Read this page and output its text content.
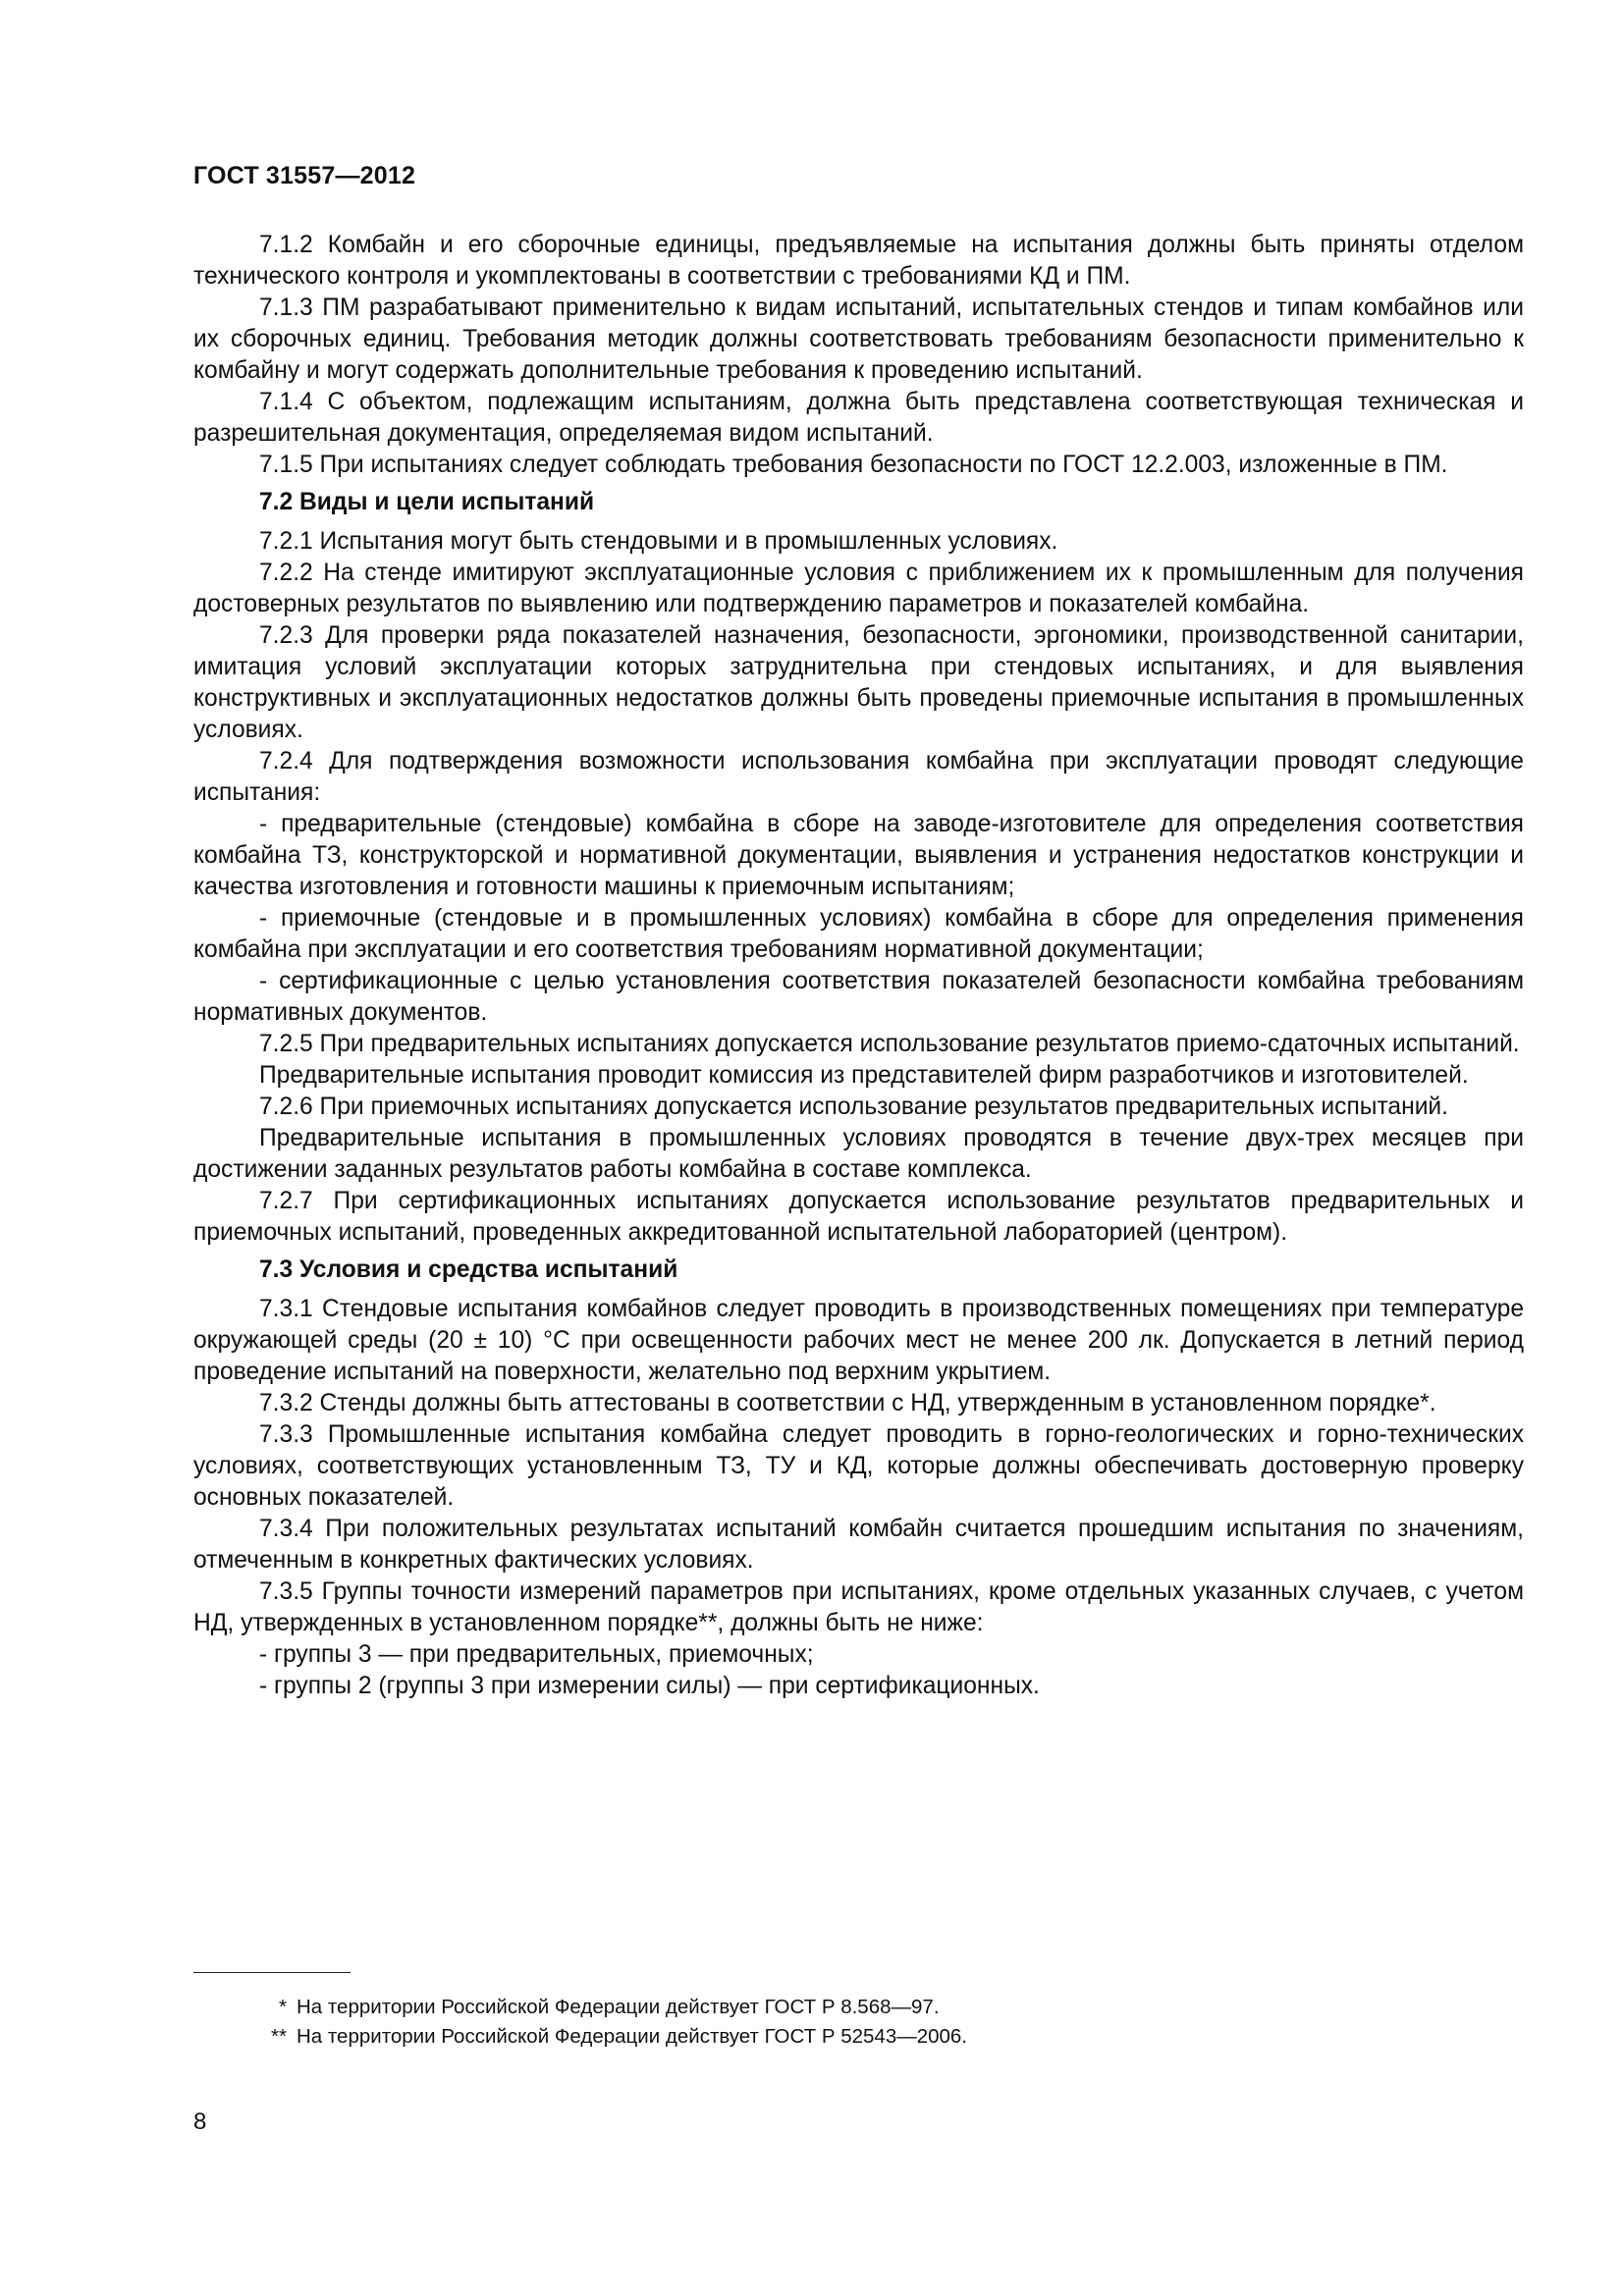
ГОСТ 31557—2012

7.1.2 Комбайн и его сборочные единицы, предъявляемые на испытания должны быть приняты отделом технического контроля и укомплектованы в соответствии с требованиями КД и ПМ.

7.1.3 ПМ разрабатывают применительно к видам испытаний, испытательных стендов и типам комбайнов или их сборочных единиц. Требования методик должны соответствовать требованиям безопасности применительно к комбайну и могут содержать дополнительные требования к проведению испытаний.

7.1.4 С объектом, подлежащим испытаниям, должна быть представлена соответствующая техническая и разрешительная документация, определяемая видом испытаний.

7.1.5 При испытаниях следует соблюдать требования безопасности по ГОСТ 12.2.003, изложенные в ПМ.

7.2 Виды и цели испытаний

7.2.1 Испытания могут быть стендовыми и в промышленных условиях.

7.2.2 На стенде имитируют эксплуатационные условия с приближением их к промышленным для получения достоверных результатов по выявлению или подтверждению параметров и показателей комбайна.

7.2.3 Для проверки ряда показателей назначения, безопасности, эргономики, производственной санитарии, имитация условий эксплуатации которых затруднительна при стендовых испытаниях, и для выявления конструктивных и эксплуатационных недостатков должны быть проведены приемочные испытания в промышленных условиях.

7.2.4 Для подтверждения возможности использования комбайна при эксплуатации проводят следующие испытания:

- предварительные (стендовые) комбайна в сборе на заводе-изготовителе для определения соответствия комбайна ТЗ, конструкторской и нормативной документации, выявления и устранения недостатков конструкции и качества изготовления и готовности машины к приемочным испытаниям;

- приемочные (стендовые и в промышленных условиях) комбайна в сборе для определения применения комбайна при эксплуатации и его соответствия требованиям нормативной документации;

- сертификационные с целью установления соответствия показателей безопасности комбайна требованиям нормативных документов.

7.2.5 При предварительных испытаниях допускается использование результатов приемо-сдаточных испытаний.

Предварительные испытания проводит комиссия из представителей фирм разработчиков и изготовителей.

7.2.6 При приемочных испытаниях допускается использование результатов предварительных испытаний.

Предварительные испытания в промышленных условиях проводятся в течение двух-трех месяцев при достижении заданных результатов работы комбайна в составе комплекса.

7.2.7 При сертификационных испытаниях допускается использование результатов предварительных и приемочных испытаний, проведенных аккредитованной испытательной лабораторией (центром).

7.3 Условия и средства испытаний

7.3.1 Стендовые испытания комбайнов следует проводить в производственных помещениях при температуре окружающей среды (20 ± 10) °С при освещенности рабочих мест не менее 200 лк. Допускается в летний период проведение испытаний на поверхности, желательно под верхним укрытием.

7.3.2 Стенды должны быть аттестованы в соответствии с НД, утвержденным в установленном порядке*.

7.3.3 Промышленные испытания комбайна следует проводить в горно-геологических и горно-технических условиях, соответствующих установленным ТЗ, ТУ и КД, которые должны обеспечивать достоверную проверку основных показателей.

7.3.4 При положительных результатах испытаний комбайн считается прошедшим испытания по значениям, отмеченным в конкретных фактических условиях.

7.3.5 Группы точности измерений параметров при испытаниях, кроме отдельных указанных случаев, с учетом НД, утвержденных в установленном порядке**, должны быть не ниже:

- группы 3 — при предварительных, приемочных;

- группы 2 (группы 3 при измерении силы) — при сертификационных.

* На территории Российской Федерации действует ГОСТ Р 8.568—97.
** На территории Российской Федерации действует ГОСТ Р 52543—2006.
8
